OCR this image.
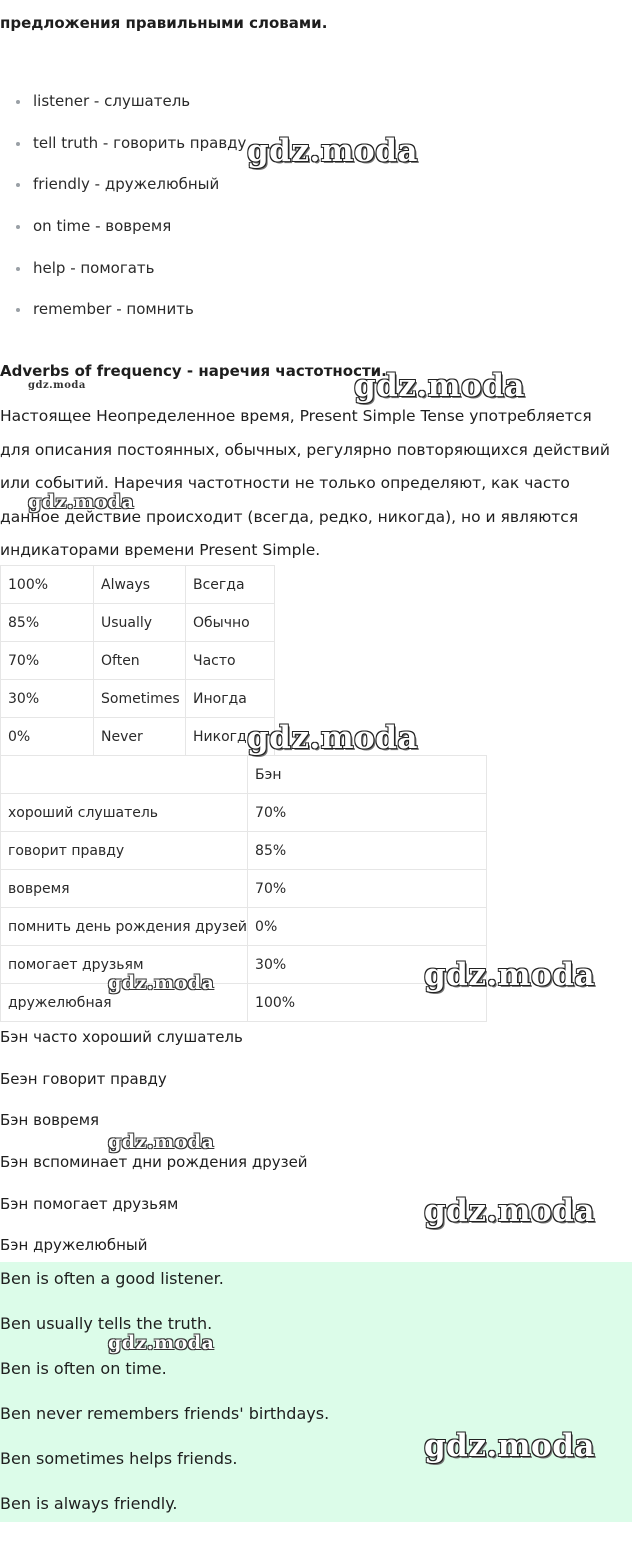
предложения правильными словами.

listener - слушатель
tell truth - говорить правду
friendly - дружелюбный
on time - вовремя
help - помогать
remember - помнить

Adverbs of frequency - наречия частотности.

Настоящее Неопределенное время, Present Simple Tense употребляется для описания постоянных, обычных, регулярно повторяющихся действий или событий. Наречия частотности не только определяют, как часто данное действие происходит (всегда, редко, никогда), но и являются индикаторами времени Present Simple.

100%	Always	Всегда
85%	Usually	Обычно
70%	Often	Часто
30%	Sometimes	Иногда
0%	Never	Никогда
	Бэн
хороший слушатель	70%
говорит правду	85%
вовремя	70%
помнить день рождения друзей	0%
помогает друзьям	30%
дружелюбная	100%
Бэн часто хороший слушатель
Беэн говорит правду
Бэн вовремя
Бэн вспоминает дни рождения друзей
Бэн помогает друзьям
Бэн дружелюбный
Ben is often a good listener.
Ben usually tells the truth.
Ben is often on time.
Ben never remembers friends' birthdays.
Ben sometimes helps friends.
Ben is always friendly.
gdz.moda
gdz.moda
gdz.moda
gdz.moda
gdz.moda
gdz.moda
gdz.moda
gdz.moda
gdz.moda
gdz.moda
gdz.moda
